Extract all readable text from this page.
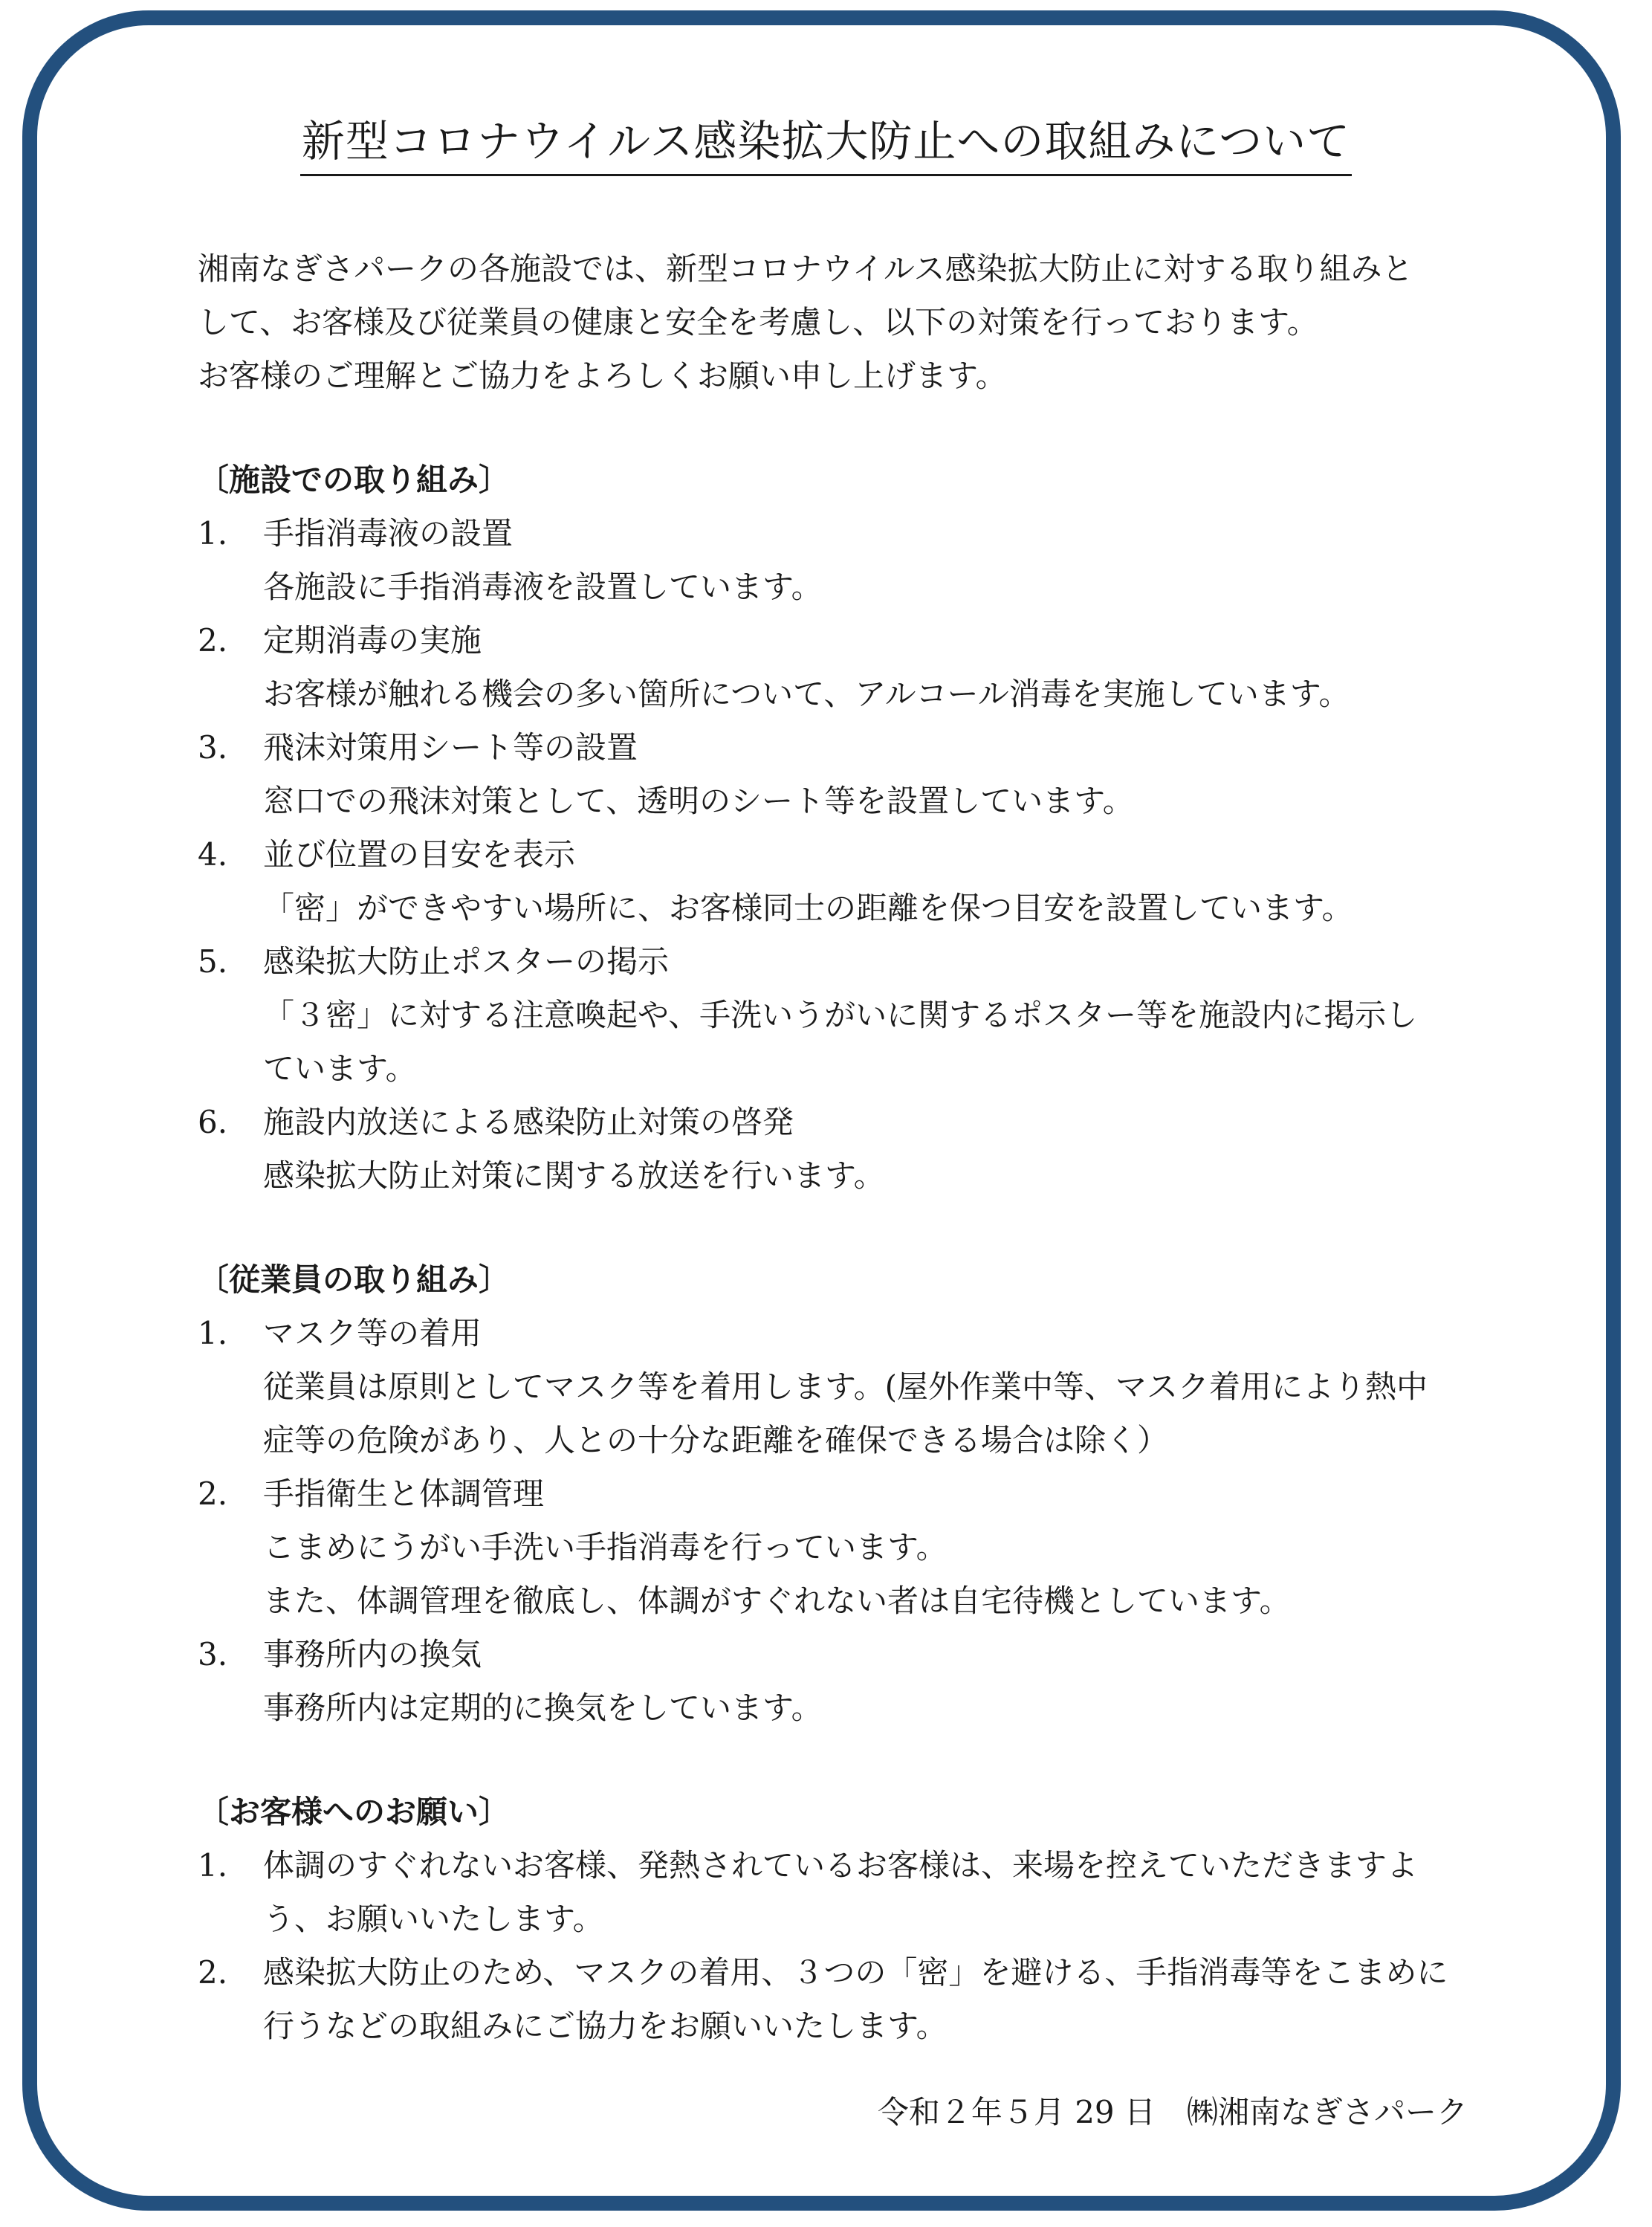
新型コロナウイルス感染拡大防止への取組みについて
湘南なぎさパークの各施設では、新型コロナウイルス感染拡大防止に対する取り組みと
して、お客様及び従業員の健康と安全を考慮し、以下の対策を行っております。
お客様のご理解とご協力をよろしくお願い申し上げます。
〔施設での取り組み〕
1. 手指消毒液の設置
各施設に手指消毒液を設置しています。
2. 定期消毒の実施
お客様が触れる機会の多い箇所について、アルコール消毒を実施しています。
3. 飛沫対策用シート等の設置
窓口での飛沫対策として、透明のシート等を設置しています。
4. 並び位置の目安を表示
「密」ができやすい場所に、お客様同士の距離を保つ目安を設置しています。
5. 感染拡大防止ポスターの掲示
「３密」に対する注意喚起や、手洗いうがいに関するポスター等を施設内に掲示し
ています。
6. 施設内放送による感染防止対策の啓発
感染拡大防止対策に関する放送を行います。
〔従業員の取り組み〕
1. マスク等の着用
従業員は原則としてマスク等を着用します。(屋外作業中等、マスク着用により熱中
症等の危険があり、人との十分な距離を確保できる場合は除く）
2. 手指衛生と体調管理
こまめにうがい手洗い手指消毒を行っています。
また、体調管理を徹底し、体調がすぐれない者は自宅待機としています。
3. 事務所内の換気
事務所内は定期的に換気をしています。
〔お客様へのお願い〕
1. 体調のすぐれないお客様、発熱されているお客様は、来場を控えていただきますよ
う、お願いいたします。
2. 感染拡大防止のため、マスクの着用、３つの「密」を避ける、手指消毒等をこまめに
行うなどの取組みにご協力をお願いいたします。
令和２年５月 29 日　㈱湘南なぎさパーク
